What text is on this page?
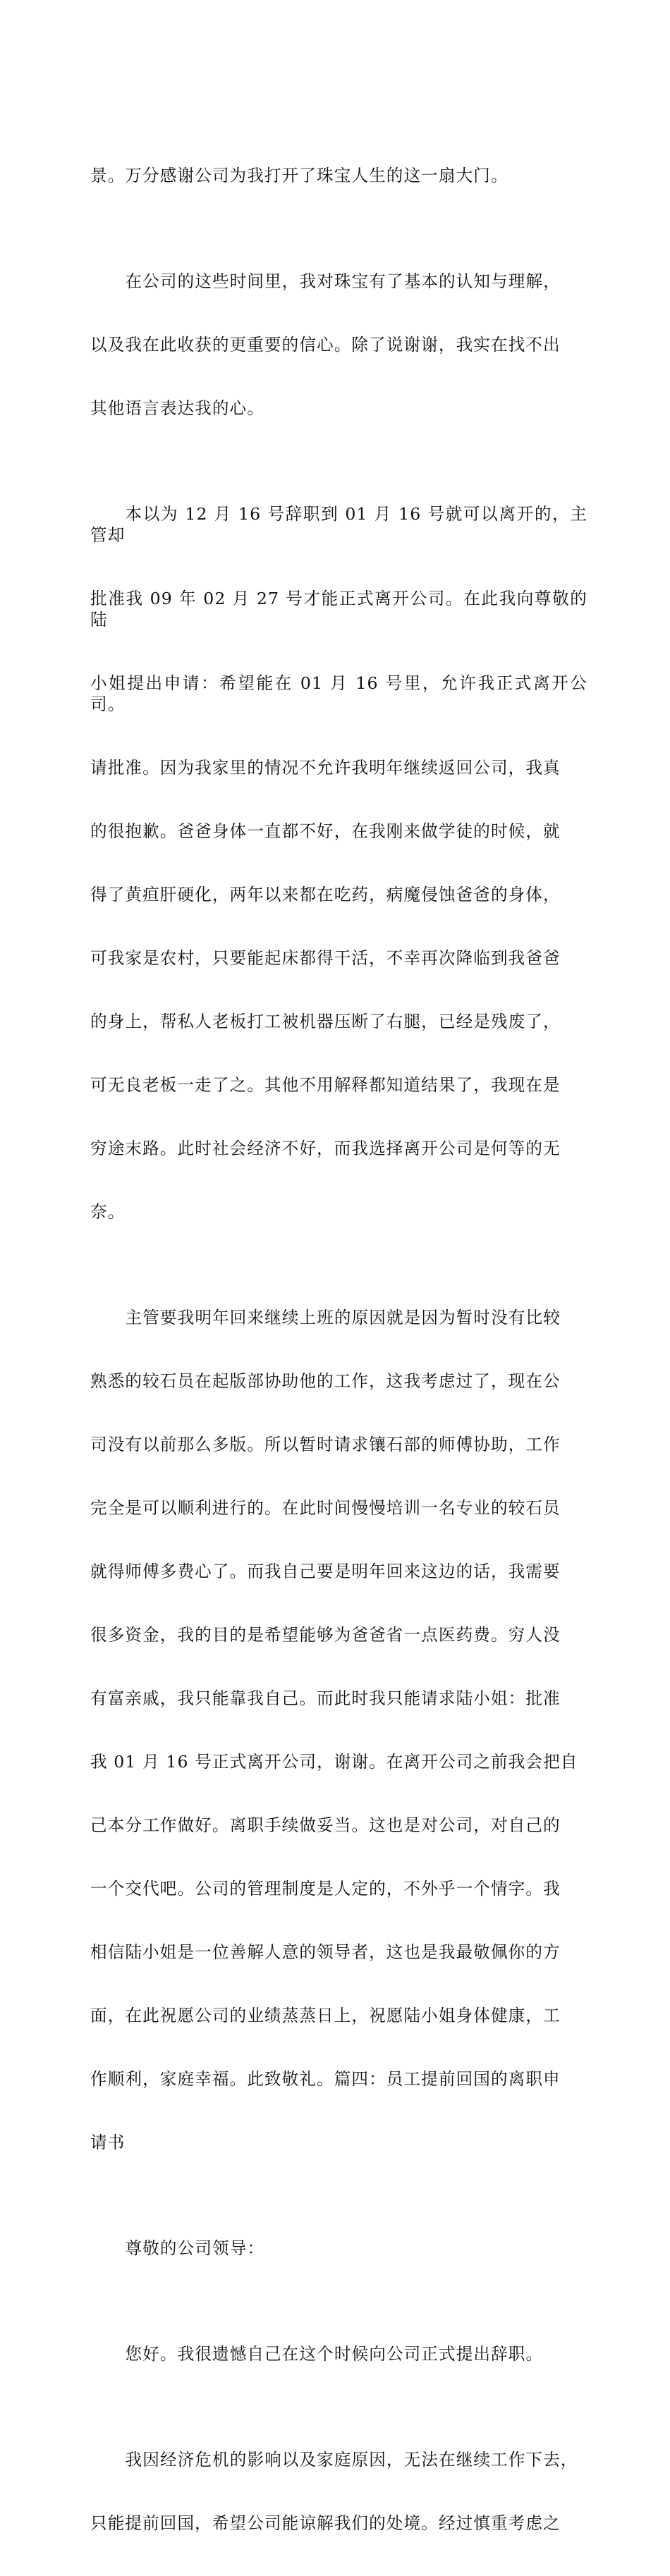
景。万分感谢公司为我打开了珠宝人生的这一扇大门。

在公司的这些时间里，我对珠宝有了基本的认知与理解，

以及我在此收获的更重要的信心。除了说谢谢，我实在找不出

其他语言表达我的心。

本以为 12 月 16 号辞职到 01 月 16 号就可以离开的，主管却

批准我 09 年 02 月 27 号才能正式离开公司。在此我向尊敬的陆

小姐提出申请：希望能在 01 月 16 号里，允许我正式离开公司。

请批准。因为我家里的情况不允许我明年继续返回公司，我真

的很抱歉。爸爸身体一直都不好，在我刚来做学徒的时候，就

得了黄疸肝硬化，两年以来都在吃药，病魔侵蚀爸爸的身体，

可我家是农村，只要能起床都得干活，不幸再次降临到我爸爸

的身上，帮私人老板打工被机器压断了右腿，已经是残废了，

可无良老板一走了之。其他不用解释都知道结果了，我现在是

穷途末路。此时社会经济不好，而我选择离开公司是何等的无

奈。

主管要我明年回来继续上班的原因就是因为暂时没有比较

熟悉的较石员在起版部协助他的工作，这我考虑过了，现在公

司没有以前那么多版。所以暂时请求镶石部的师傅协助，工作

完全是可以顺利进行的。在此时间慢慢培训一名专业的较石员

就得师傅多费心了。而我自己要是明年回来这边的话，我需要

很多资金，我的目的是希望能够为爸爸省一点医药费。穷人没

有富亲戚，我只能靠我自己。而此时我只能请求陆小姐：批准

我 01 月 16 号正式离开公司，谢谢。在离开公司之前我会把自

己本分工作做好。离职手续做妥当。这也是对公司，对自己的

一个交代吧。公司的管理制度是人定的，不外乎一个情字。我

相信陆小姐是一位善解人意的领导者，这也是我最敬佩你的方

面，在此祝愿公司的业绩蒸蒸日上，祝愿陆小姐身体健康，工

作顺利，家庭幸福。此致敬礼。篇四：员工提前回国的离职申

请书

尊敬的公司领导：

您好。我很遗憾自己在这个时候向公司正式提出辞职。

我因经济危机的影响以及家庭原因，无法在继续工作下去，

只能提前回国，希望公司能谅解我们的处境。经过慎重考虑之
